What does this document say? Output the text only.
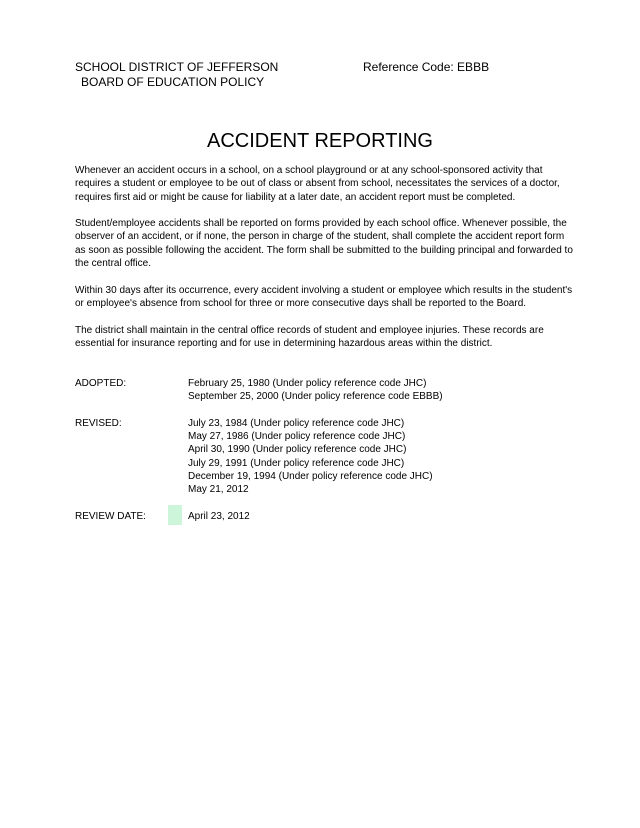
SCHOOL DISTRICT OF JEFFERSON
BOARD OF EDUCATION POLICY
Reference Code: EBBB
ACCIDENT REPORTING

Whenever an accident occurs in a school, on a school playground or at any school-sponsored activity that requires a student or employee to be out of class or absent from school, necessitates the services of a doctor, requires first aid or might be cause for liability at a later date, an accident report must be completed.

Student/employee accidents shall be reported on forms provided by each school office. Whenever possible, the observer of an accident, or if none, the person in charge of the student, shall complete the accident report form as soon as possible following the accident. The form shall be submitted to the building principal and forwarded to the central office.

Within 30 days after its occurrence, every accident involving a student or employee which results in the student's or employee's absence from school for three or more consecutive days shall be reported to the Board.

The district shall maintain in the central office records of student and employee injuries. These records are essential for insurance reporting and for use in determining hazardous areas within the district.

ADOPTED:	February 25, 1980 (Under policy reference code JHC)
September 25, 2000 (Under policy reference code EBBB)
REVISED:	July 23, 1984 (Under policy reference code JHC)
May 27, 1986 (Under policy reference code JHC)
April 30, 1990 (Under policy reference code JHC)
July 29, 1991 (Under policy reference code JHC)
December 19, 1994 (Under policy reference code JHC)
May 21, 2012
REVIEW DATE:	April 23, 2012
